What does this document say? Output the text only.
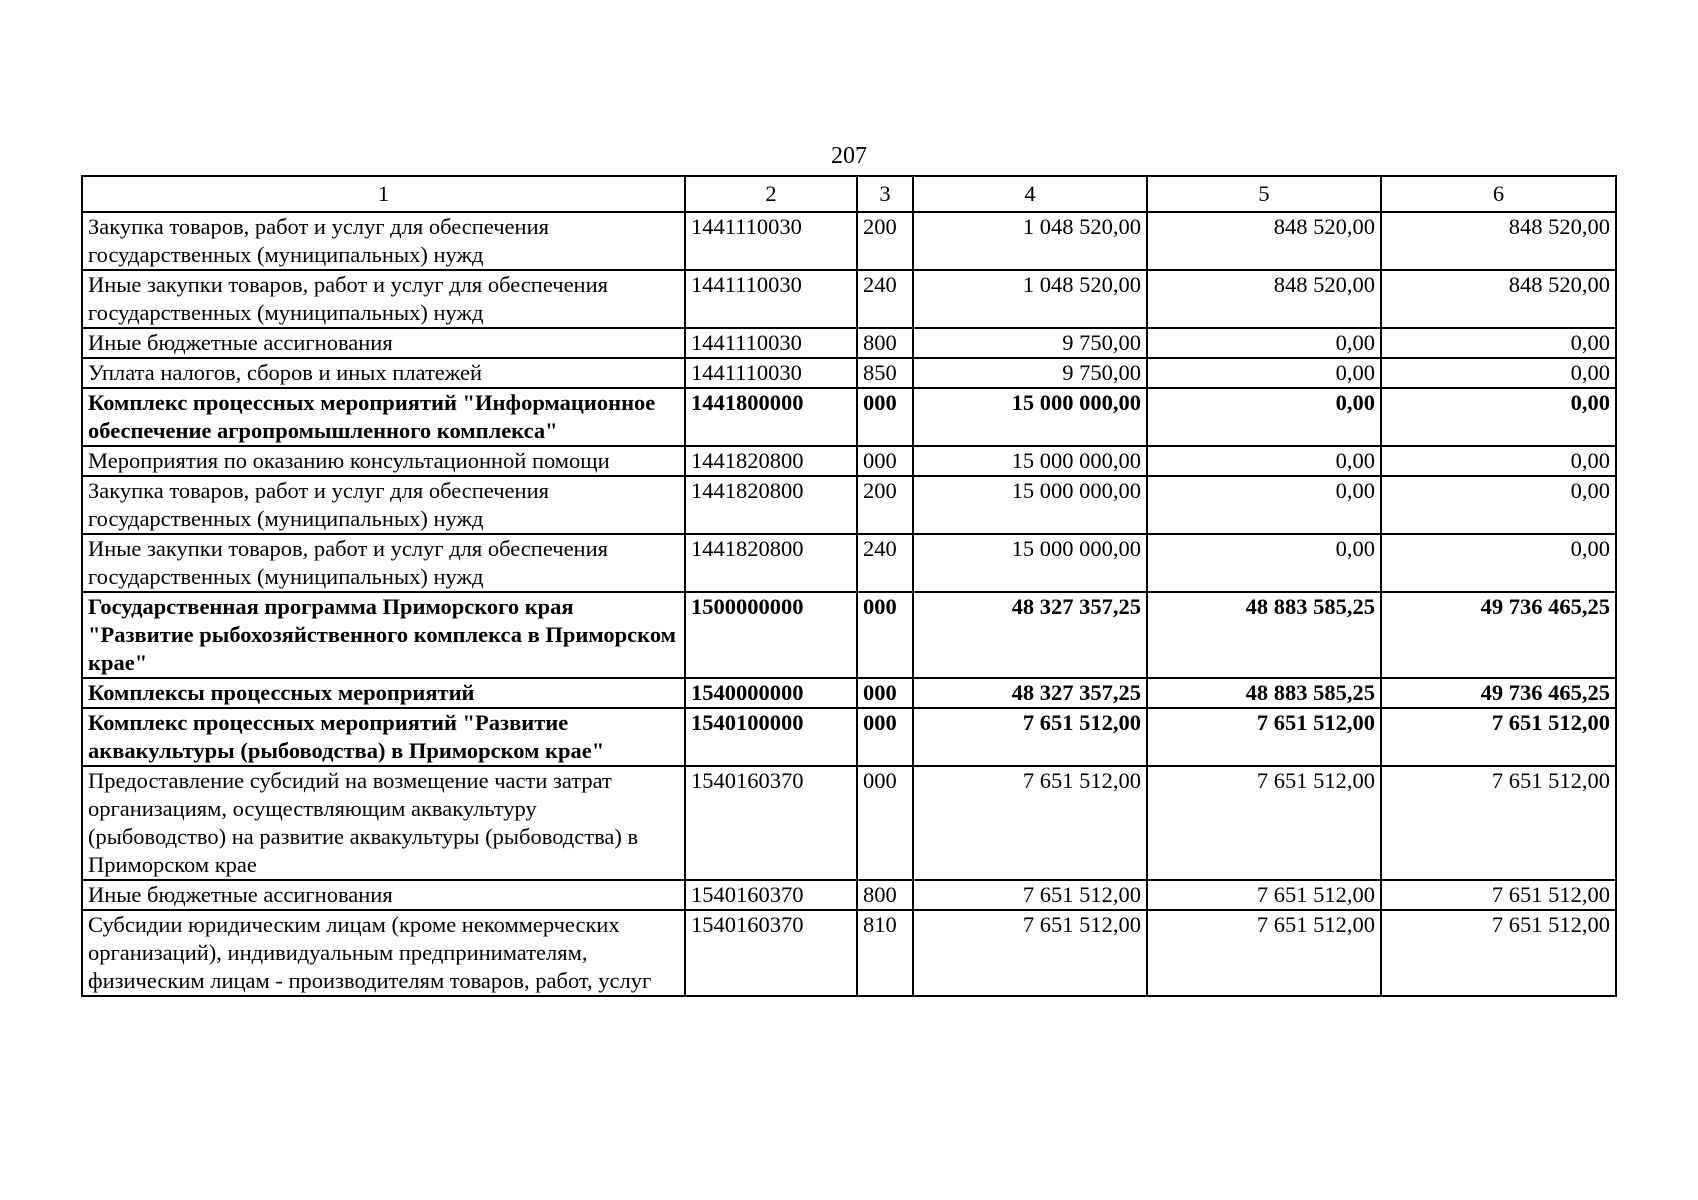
207
1	2	3	4	5	6
Закупка товаров, работ и услуг для обеспечения государственных (муниципальных) нужд	1441110030	200	1 048 520,00	848 520,00	848 520,00
Иные закупки товаров, работ и услуг для обеспечения государственных (муниципальных) нужд	1441110030	240	1 048 520,00	848 520,00	848 520,00
Иные бюджетные ассигнования	1441110030	800	9 750,00	0,00	0,00
Уплата налогов, сборов и иных платежей	1441110030	850	9 750,00	0,00	0,00
Комплекс процессных мероприятий "Информационное обеспечение агропромышленного комплекса"	1441800000	000	15 000 000,00	0,00	0,00
Мероприятия по оказанию консультационной помощи	1441820800	000	15 000 000,00	0,00	0,00
Закупка товаров, работ и услуг для обеспечения государственных (муниципальных) нужд	1441820800	200	15 000 000,00	0,00	0,00
Иные закупки товаров, работ и услуг для обеспечения государственных (муниципальных) нужд	1441820800	240	15 000 000,00	0,00	0,00
Государственная программа Приморского края "Развитие рыбохозяйственного комплекса в Приморском крае"	1500000000	000	48 327 357,25	48 883 585,25	49 736 465,25
Комплексы процессных мероприятий	1540000000	000	48 327 357,25	48 883 585,25	49 736 465,25
Комплекс процессных мероприятий "Развитие аквакультуры (рыбоводства) в Приморском крае"	1540100000	000	7 651 512,00	7 651 512,00	7 651 512,00
Предоставление субсидий на возмещение части затрат организациям, осуществляющим аквакультуру (рыбоводство) на развитие аквакультуры (рыбоводства) в Приморском крае	1540160370	000	7 651 512,00	7 651 512,00	7 651 512,00
Иные бюджетные ассигнования	1540160370	800	7 651 512,00	7 651 512,00	7 651 512,00
Субсидии юридическим лицам (кроме некоммерческих организаций), индивидуальным предпринимателям, физическим лицам - производителям товаров, работ, услуг	1540160370	810	7 651 512,00	7 651 512,00	7 651 512,00
